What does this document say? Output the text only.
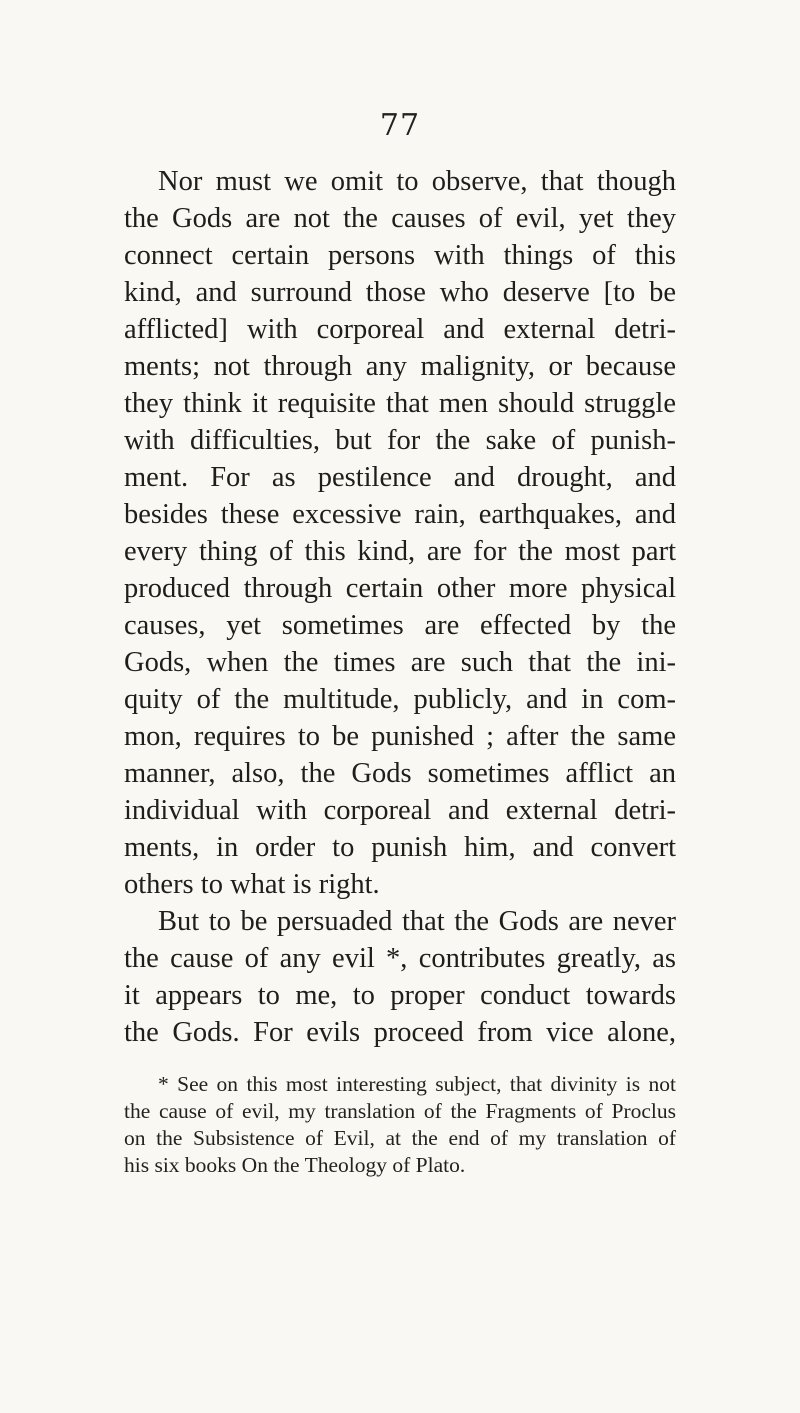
77
Nor must we omit to observe, that though
the Gods are not the causes of evil, yet they
connect certain persons with things of this
kind, and surround those who deserve [to be
afflicted] with corporeal and external detri-
ments; not through any malignity, or because
they think it requisite that men should struggle
with difficulties, but for the sake of punish-
ment. For as pestilence and drought, and
besides these excessive rain, earthquakes, and
every thing of this kind, are for the most part
produced through certain other more physical
causes, yet sometimes are effected by the
Gods, when the times are such that the ini-
quity of the multitude, publicly, and in com-
mon, requires to be punished ; after the same
manner, also, the Gods sometimes afflict an
individual with corporeal and external detri-
ments, in order to punish him, and convert
others to what is right.
But to be persuaded that the Gods are never
the cause of any evil *, contributes greatly, as
it appears to me, to proper conduct towards
the Gods. For evils proceed from vice alone,
* See on this most interesting subject, that divinity is not
the cause of evil, my translation of the Fragments of Proclus
on the Subsistence of Evil, at the end of my translation of
his six books On the Theology of Plato.
